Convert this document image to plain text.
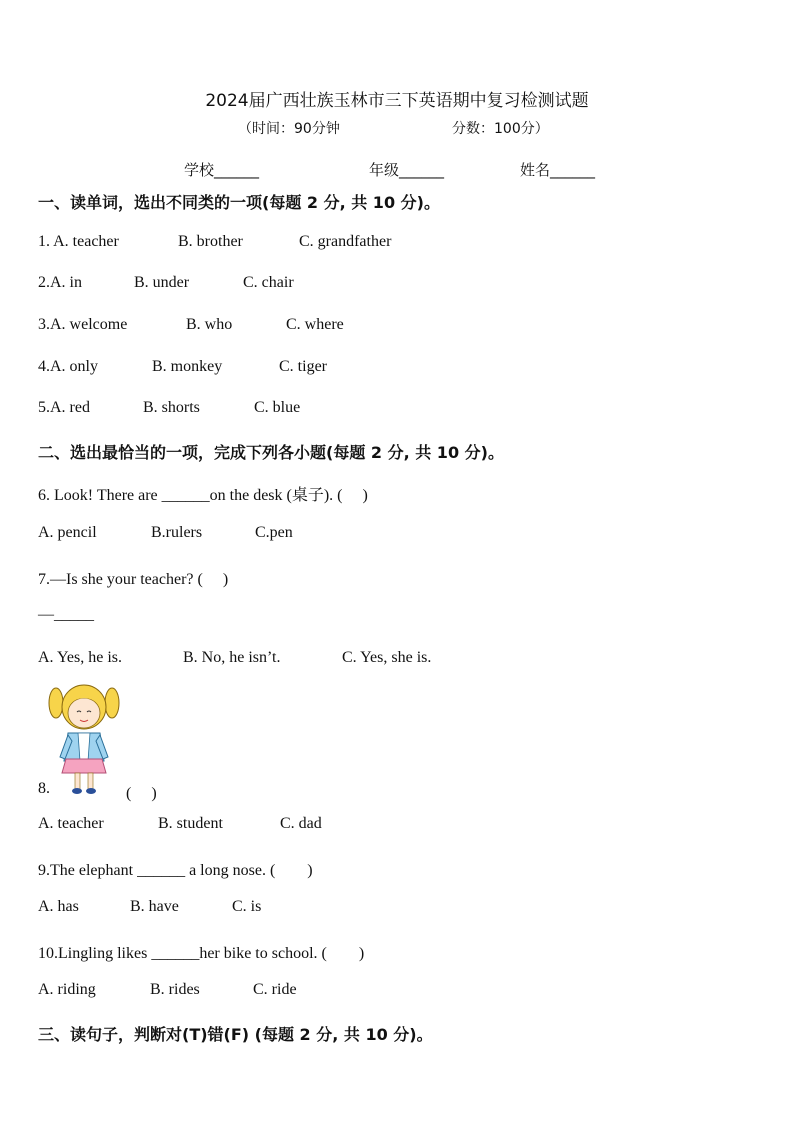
2024届广西壮族玉林市三下英语期中复习检测试题
（时间：90分钟	分数：100分）
学校______	年级______	姓名______
一、读单词，选出不同类的一项(每题 2 分, 共 10 分)。
1. A. teacher	B. brother	C. grandfather
2.A. in	B. under	C. chair
3.A. welcome	B. who	C. where
4.A. only	B. monkey	C. tiger
5.A. red	B. shorts	C. blue
二、选出最恰当的一项，完成下列各小题(每题 2 分, 共 10 分)。
6. Look! There are ______on the desk (桌子). (　 )
A. pencil	B.rulers	C.pen
7.—Is she your teacher? (　 )
—_____
A. Yes, he is.	B. No, he isn’t.	C. Yes, she is.
8.	(　 )
A. teacher	B. student	C. dad
9.The elephant ______ a long nose. (　　)
A. has	B. have	C. is
10.Lingling likes ______her bike to school. (　　)
A. riding	B. rides	C. ride
三、读句子，判断对(T)错(F) (每题 2 分, 共 10 分)。
